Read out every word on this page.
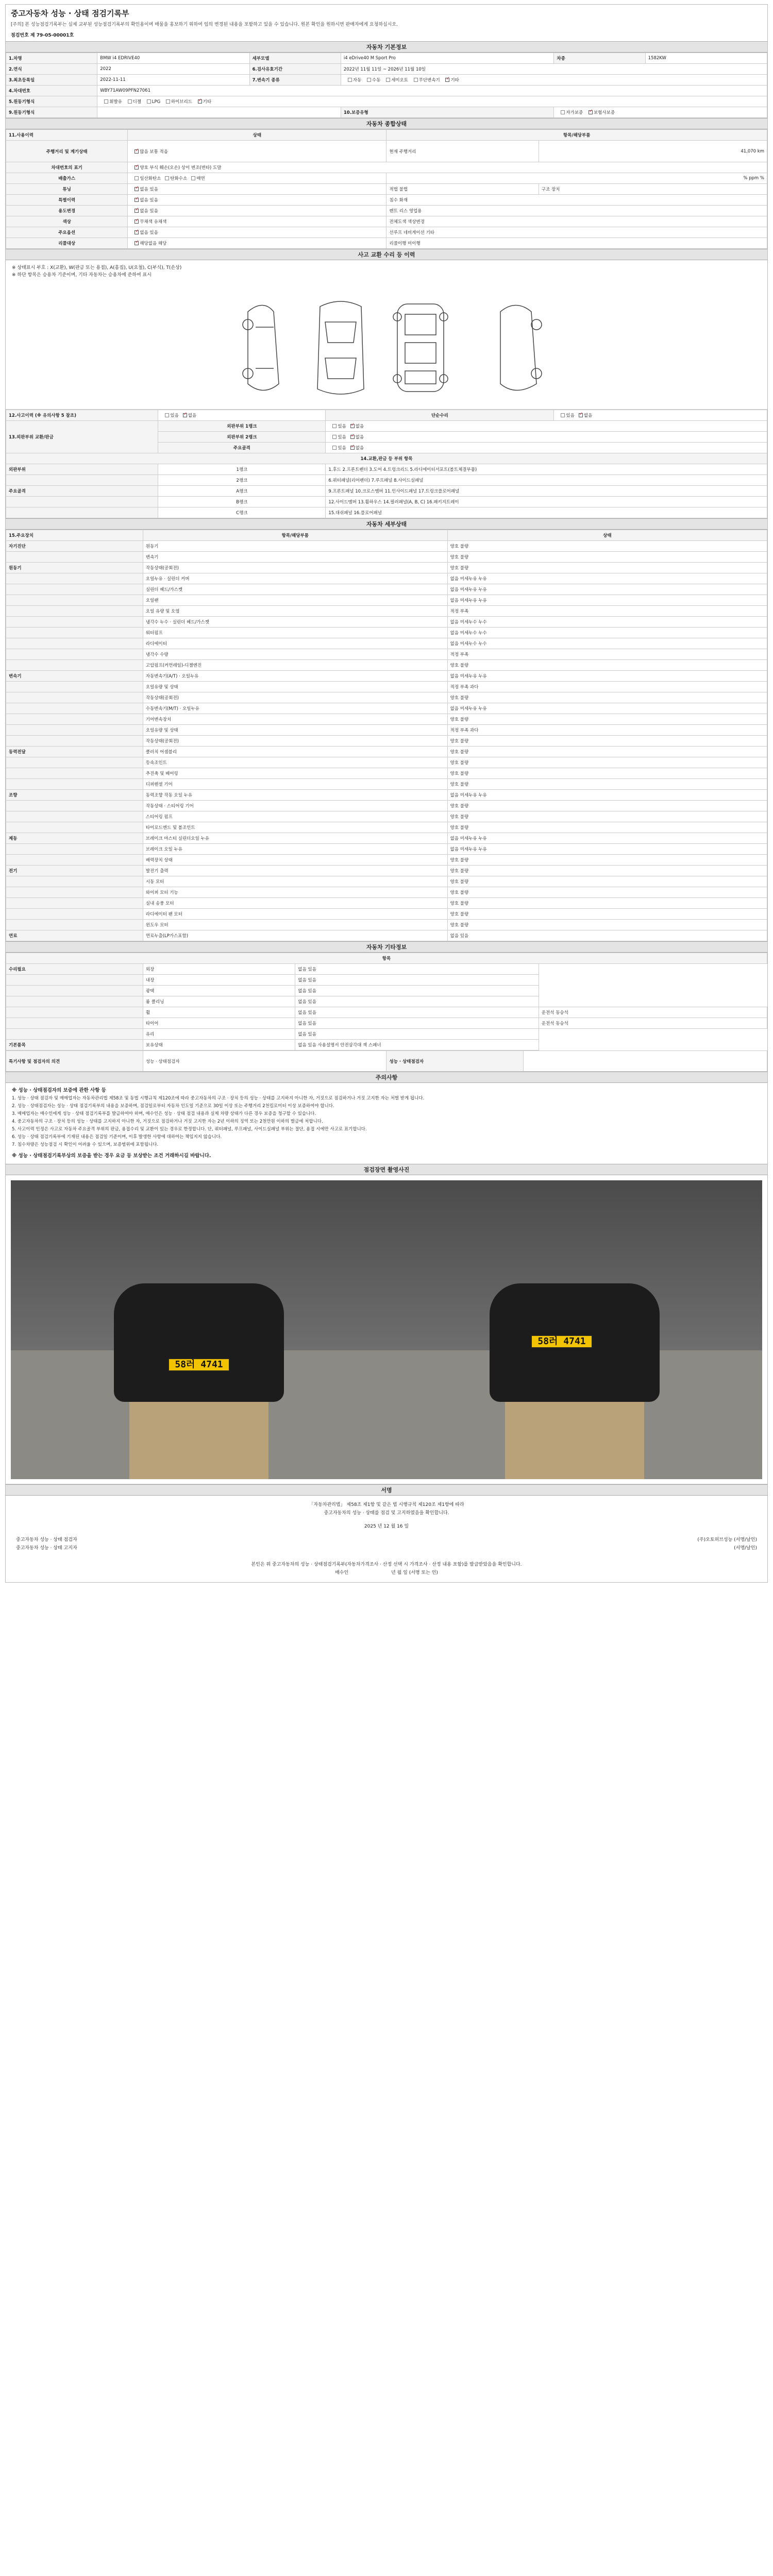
중고자동차 성능 · 상태 점검기록부
[주의] 본 성능점검기록부는 실제 교부된 성능점검기록부의 확인용이며 매물을 홍보하기 위하여 임의 변경된 내용을 포함하고 있을 수 있습니다. 원본 확인을 원하시면 판매자에게 요청하십시오.
점검번호 제 79-05-00001호
자동차 기본정보
1.차명	BMW i4 EDRIVE40	세부모델	i4 eDrive40 M Sport Pro	차종	1582KW
2.연식	2022	6.검사유효기간	2022년 11월 11일 ~ 2026년 11월 10일		
3.최초등록일	2022-11-11	7.변속기 종류	자동 수동 세미오토 무단변속기 ✓ 기타
4.차대번호	WBY71AW09PFN27061				
5.원동기형식	휘발유 디젤 LPG 하이브리드 ✓ 기타
9.원동기형식			10.보증유형	자가보증 ✓ 보험사보증
자동차 종합상태
11.사용이력	상태	항목/해당부품	
주행거리 및 계기상태	✓많음 보통 적음	현재 주행거리	41,070 km
차대번호의 표기	✓양호 부식 훼손(오손) 상이 변조(변타) 도말
배출가스	일산화탄소 탄화수소 매연	% ppm %	
튜닝	✓없음 있음	적법 불법	구조 장치
특별이력	✓없음 있음	침수 화재	
용도변경	✓없음 있음	렌트 리스 영업용	
색상	✓무채색 유채색	전체도색 색상변경	
주요옵션	✓없음 있음	선루프 네비게이션 기타	
리콜대상	✓해당없음 해당	리콜이행 미이행	
사고 교환 수리 등 이력
※ 상태표시 부호 : X(교환), W(판금 또는 용접), A(흠집), U(요철), C(부식), T(손상)
※ 하단 항목은 승용차 기준이며, 기타 자동차는 승용차에 준하여 표시
12.사고이력 (※ 유의사항 5 참조)	있음 ✓ 없음	단순수리	있음 ✓ 없음
13.외판부위 교환/판금	외판부위 1랭크	있음 ✓ 없음
	외판부위 2랭크	있음 ✓ 없음
	주요골격	있음 ✓ 없음
14.교환,판금 등 부위 항목			
외판부위	1랭크	1.후드 2.프론트펜더 3.도어 4.트렁크리드 5.라디에이터서포트(볼트체결부품)	
	2랭크	6.쿼터패널(리어펜더) 7.루프패널 8.사이드실패널	
주요골격	A랭크	9.프론트패널 10.크로스멤버 11.인사이드패널 17.트렁크플로어패널	
	B랭크	12.사이드멤버 13.휠하우스 14.필러패널(A, B, C) 16.패키지트레이	
	C랭크	15.대쉬패널 16.플로어패널	
자동차 세부상태
15.주요장치	항목/해당부품	상태
자기진단	원동기	양호 불량
	변속기	양호 불량
원동기	작동상태(공회전)	양호 불량
	오일누유 · 실린더 커버	없음 미세누유 누유
	실린더 헤드/가스켓	없음 미세누유 누유
	오일팬	없음 미세누유 누유
	오일 유량 및 오염	적정 부족
	냉각수 누수 · 실린더 헤드/가스켓	없음 미세누수 누수
	워터펌프	없음 미세누수 누수
	라디에이터	없음 미세누수 누수
	냉각수 수량	적정 부족
	고압펌프(커먼레일)-디젤엔진	양호 불량
변속기	자동변속기(A/T) · 오일누유	없음 미세누유 누유
	오일유량 및 상태	적정 부족 과다
	작동상태(공회전)	양호 불량
	수동변속기(M/T) · 오일누유	없음 미세누유 누유
	기어변속장치	양호 불량
	오일유량 및 상태	적정 부족 과다
	작동상태(공회전)	양호 불량
동력전달	클러치 어셈블리	양호 불량
	등속조인트	양호 불량
	추진축 및 베어링	양호 불량
	디퍼렌셜 기어	양호 불량
조향	동력조향 작동 오일 누유	없음 미세누유 누유
	작동상태 · 스티어링 기어	양호 불량
	스티어링 펌프	양호 불량
	타이로드엔드 및 볼조인트	양호 불량
제동	브레이크 마스터 실린더오일 누유	없음 미세누유 누유
	브레이크 오일 누유	없음 미세누유 누유
	배력장치 상태	양호 불량
전기	발전기 출력	양호 불량
	시동 모터	양호 불량
	와이퍼 모터 기능	양호 불량
	실내 송풍 모터	양호 불량
	라디에이터 팬 모터	양호 불량
	윈도우 모터	양호 불량
연료	연료누출(LP가스포함)	없음 있음
자동차 기타정보
항목			
수리필요	외장	없음 있음	
	내장	없음 있음	
	광택	없음 있음	
	룸 클리닝	없음 있음	
	휠	없음 있음	운전석 동승석
	타이어	없음 있음	운전석 동승석
	유리	없음 있음	
기본품목	보유상태	없음 있음 사용설명서 안전삼각대 잭 스패너	
특기사항 및 점검자의 의견	성능 · 상태점검자	성능 · 상태점검자	
주의사항

※ 성능 · 상태점검자의 보증에 관한 사항 등

1. 성능 · 상태 점검자 및 매매업자는 자동차관리법 제58조 및 동법 시행규칙 제120조에 따라 중고자동차의 구조 · 장치 등의 성능 · 상태를 고지하지 아니한 자, 거짓으로 점검하거나 거짓 고지한 자는 처벌 받게 됩니다.

2. 성능 · 상태점검자는 성능 · 상태 점검기록부의 내용을 보증하며, 점검일로부터 자동차 인도일 기준으로 30일 이상 또는 주행거리 2천킬로미터 이상 보증하여야 합니다.

3. 매매업자는 매수인에게 성능 · 상태 점검기록부를 발급하여야 하며, 매수인은 성능 · 상태 점검 내용과 실제 차량 상태가 다른 경우 보증을 청구할 수 있습니다.

4. 중고자동차의 구조 · 장치 등의 성능 · 상태를 고지하지 아니한 자, 거짓으로 점검하거나 거짓 고지한 자는 2년 이하의 징역 또는 2천만원 이하의 벌금에 처합니다.

5. 사고이력 인정은 사고로 자동차 주요골격 부위의 판금, 용접수리 및 교환이 있는 경우로 한정합니다. 단, 쿼터패널, 루프패널, 사이드실패널 부위는 절단, 용접 시에만 사고로 표기합니다.

6. 성능 · 상태 점검기록부에 기재된 내용은 점검일 기준이며, 이후 발생한 사항에 대하여는 책임지지 않습니다.

7. 침수차량은 성능점검 시 확인이 어려울 수 있으며, 보증범위에 포함됩니다.

※ 성능 · 상태점검기록부상의 보증을 받는 경우 요금 등 보상받는 조건 거래하시길 바랍니다.

점검장면 촬영사진
58러 4741
58러 4741
서명
「자동차관리법」 제58조 제1항 및 같은 법 시행규칙 제120조 제1항에 따라
중고자동차의 성능 · 상태를 점검 및 고지하였음을 확인합니다.
2025 년 12 월 16 일
중고자동차 성능 · 상태 점검자	(주)오토허브성능 (서명/날인)
중고자동차 성능 · 상태 고지자	(서명/날인)
본인은 위 중고자동차의 성능 · 상태점검기록부(자동차가격조사 · 산정 선택 시 가격조사 · 산정 내용 포함)를 발급받았음을 확인합니다.
매수인	년 월 일 (서명 또는 인)
